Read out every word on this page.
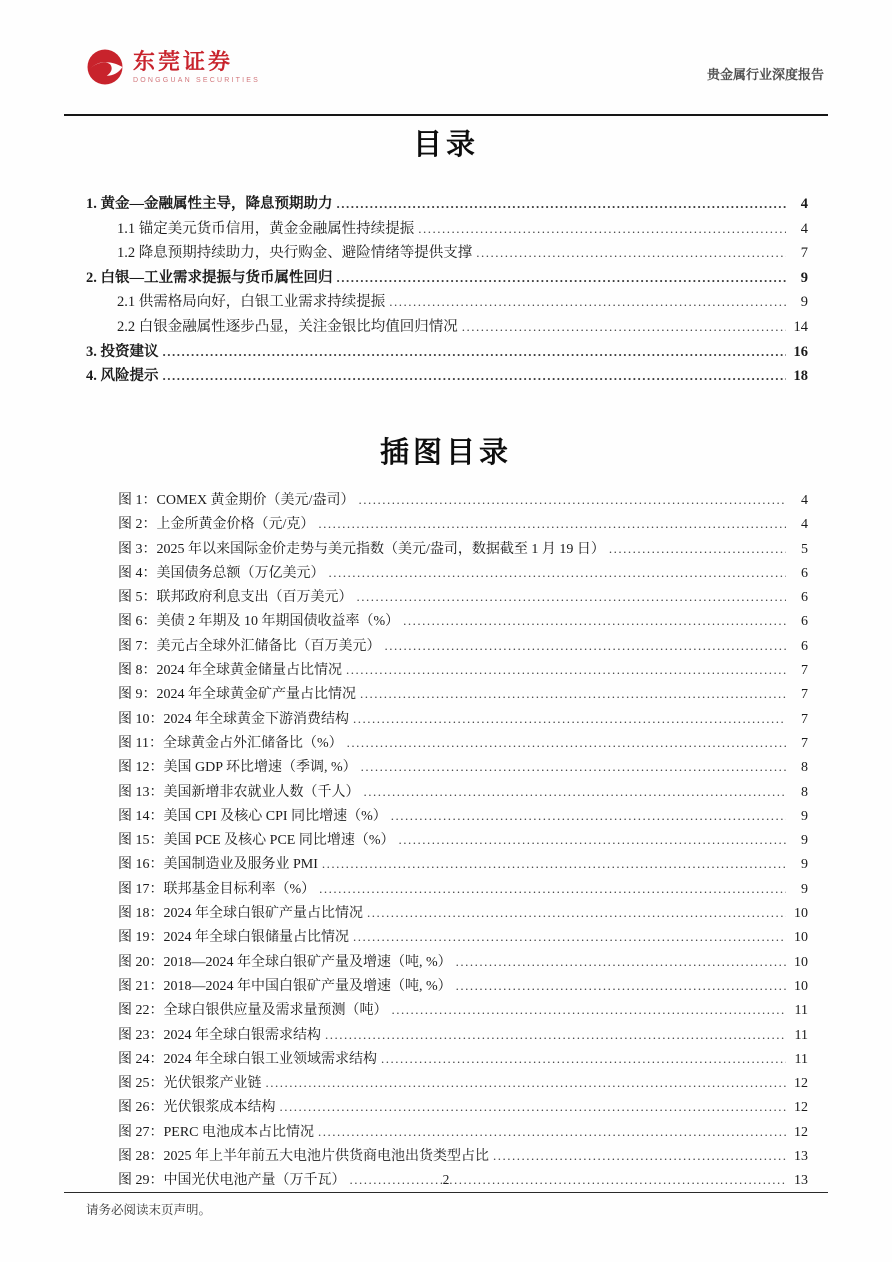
东莞证券
DONGGUAN SECURITIES	贵金属行业深度报告
目录
1. 黄金—金融属性主导，降息预期助力 .....	4
1.1 锚定美元货币信用，黄金金融属性持续提振 .....	4
1.2 降息预期持续助力，央行购金、避险情绪等提供支撑 .....	7
2. 白银—工业需求提振与货币属性回归 .....	9
2.1 供需格局向好，白银工业需求持续提振 .....	9
2.2 白银金融属性逐步凸显，关注金银比均值回归情况 .....	14
3. 投资建议 .....	16
4. 风险提示 .....	18
插图目录
图 1：COMEX 黄金期价（美元/盎司） .....	4
图 2：上金所黄金价格（元/克） .....	4
图 3：2025 年以来国际金价走势与美元指数（美元/盎司，数据截至 1 月 19 日） .....	5
图 4：美国债务总额（万亿美元） .....	6
图 5：联邦政府利息支出（百万美元） .....	6
图 6：美债 2 年期及 10 年期国债收益率（%） .....	6
图 7：美元占全球外汇储备比（百万美元） .....	6
图 8：2024 年全球黄金储量占比情况 .....	7
图 9：2024 年全球黄金矿产量占比情况 .....	7
图 10：2024 年全球黄金下游消费结构 .....	7
图 11：全球黄金占外汇储备比（%） .....	7
图 12：美国 GDP 环比增速（季调, %） .....	8
图 13：美国新增非农就业人数（千人） .....	8
图 14：美国 CPI 及核心 CPI 同比增速（%） .....	9
图 15：美国 PCE 及核心 PCE 同比增速（%） .....	9
图 16：美国制造业及服务业 PMI .....	9
图 17：联邦基金目标利率（%） .....	9
图 18：2024 年全球白银矿产量占比情况 .....	10
图 19：2024 年全球白银储量占比情况 .....	10
图 20：2018—2024 年全球白银矿产量及增速（吨, %） .....	10
图 21：2018—2024 年中国白银矿产量及增速（吨, %） .....	10
图 22：全球白银供应量及需求量预测（吨） .....	11
图 23：2024 年全球白银需求结构 .....	11
图 24：2024 年全球白银工业领域需求结构 .....	11
图 25：光伏银浆产业链 .....	12
图 26：光伏银浆成本结构 .....	12
图 27：PERC 电池成本占比情况 .....	12
图 28：2025 年上半年前五大电池片供货商电池出货类型占比 .....	13
图 29：中国光伏电池产量（万千瓦） .....	13
2
请务必阅读末页声明。
